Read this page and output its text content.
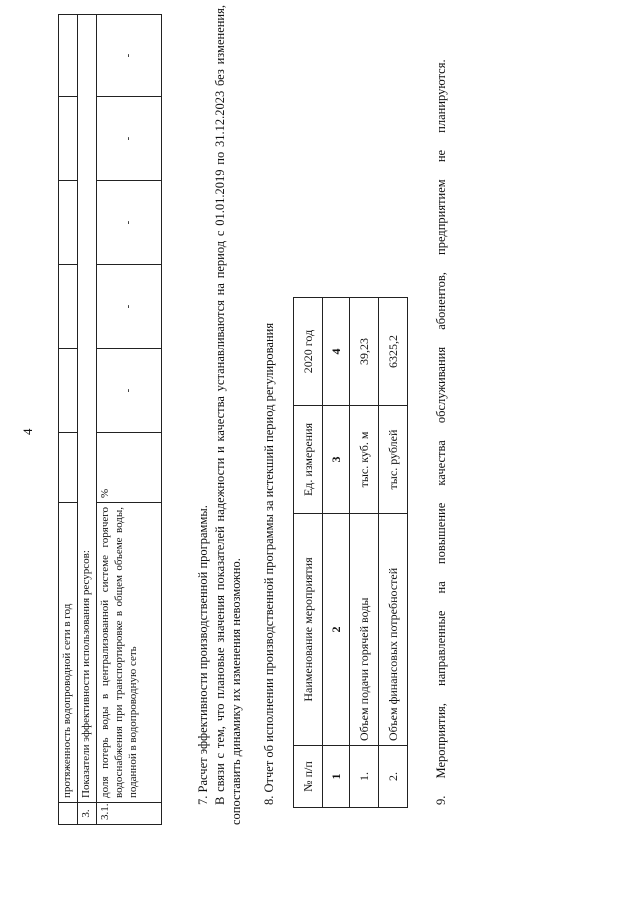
4
	протяженность водопроводной сети в год						
3.	Показатели эффективности использования ресурсов:						
3.1.	доля потерь воды в централизованной системе горячего водоснабжения при транспортировке в общем объеме воды, поданной в водопроводную сеть	%	-	-	-	-	-
7. Расчет эффективности производственной программы. В связи с тем, что плановые значения показателей надежности и качества устанавливаются на период с 01.01.2019 по 31.12.2023 без изменения, сопоставить динамику их изменения невозможно. 8. Отчет об исполнении производственной программы за истекший период регулирования № п/п	Наименование мероприятия	Ед. измерения	2020 год
1	2	3	4
1.	Объем подачи горячей воды	тыс. куб. м	39,23
2.	Объем финансовых потребностей	тыс. рублей	6325,2	9. Мероприятия, направленные на повышение качества обслуживания абонентов, предприятием не планируются.
